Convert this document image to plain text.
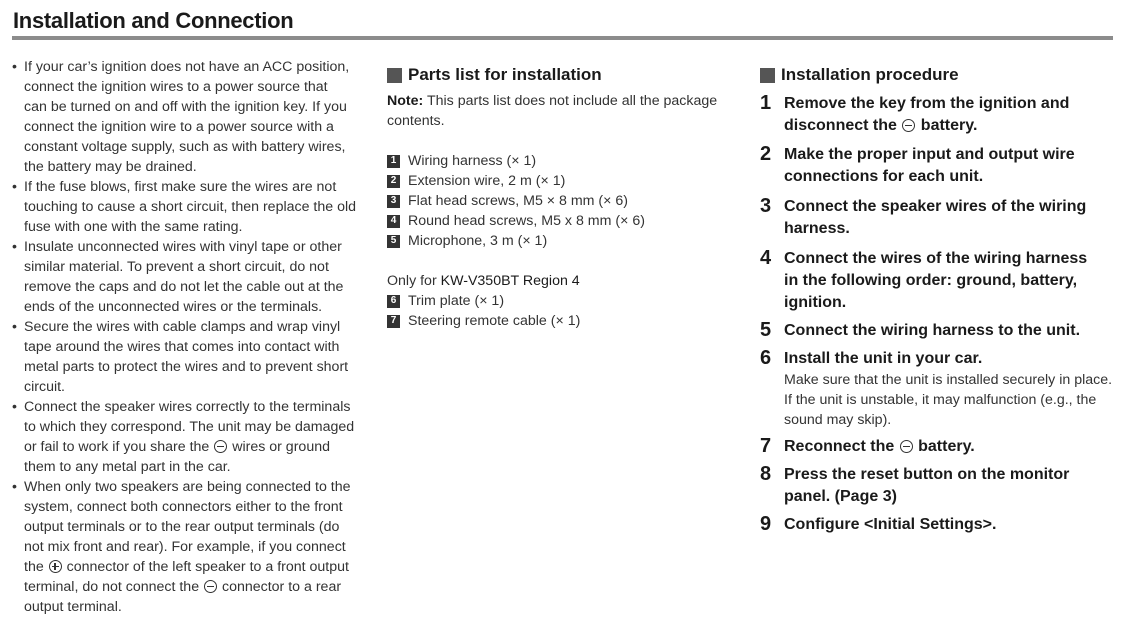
Installation and Connection
• If your car’s ignition does not have an ACC position,
connect the ignition wires to a power source that
can be turned on and off with the ignition key. If you
connect the ignition wire to a power source with a
constant voltage supply, such as with battery wires,
the battery may be drained.
• If the fuse blows, first make sure the wires are not
touching to cause a short circuit, then replace the old
fuse with one with the same rating.
• Insulate unconnected wires with vinyl tape or other
similar material. To prevent a short circuit, do not
remove the caps and do not let the cable out at the
ends of the unconnected wires or the terminals.
• Secure the wires with cable clamps and wrap vinyl
tape around the wires that comes into contact with
metal parts to protect the wires and to prevent short
circuit.
• Connect the speaker wires correctly to the terminals
to which they correspond. The unit may be damaged
or fail to work if you share the  wires or ground
them to any metal part in the car.
• When only two speakers are being connected to the
system, connect both connectors either to the front
output terminals or to the rear output terminals (do
not mix front and rear). For example, if you connect
the  connector of the left speaker to a front output
terminal, do not connect the  connector to a rear
output terminal.
Parts list for installation
Note: This parts list does not include all the package contents.
1 Wiring harness (× 1)
2 Extension wire, 2 m (× 1)
3 Flat head screws, M5 × 8 mm (× 6)
4 Round head screws, M5 x 8 mm (× 6)
5 Microphone, 3 m (× 1)
Only for KW-V350BT Region 4
6 Trim plate (× 1)
7 Steering remote cable (× 1)
Installation procedure
1 Remove the key from the ignition and
disconnect the  battery.
2 Make the proper input and output wire
connections for each unit.
3 Connect the speaker wires of the wiring
harness.
4 Connect the wires of the wiring harness
in the following order: ground, battery,
ignition.
5 Connect the wiring harness to the unit.
6 Install the unit in your car.
Make sure that the unit is installed securely in place.
If the unit is unstable, it may malfunction (e.g., the
sound may skip).
7 Reconnect the  battery.
8 Press the reset button on the monitor
panel. (Page 3)
9 Configure <Initial Settings>.
